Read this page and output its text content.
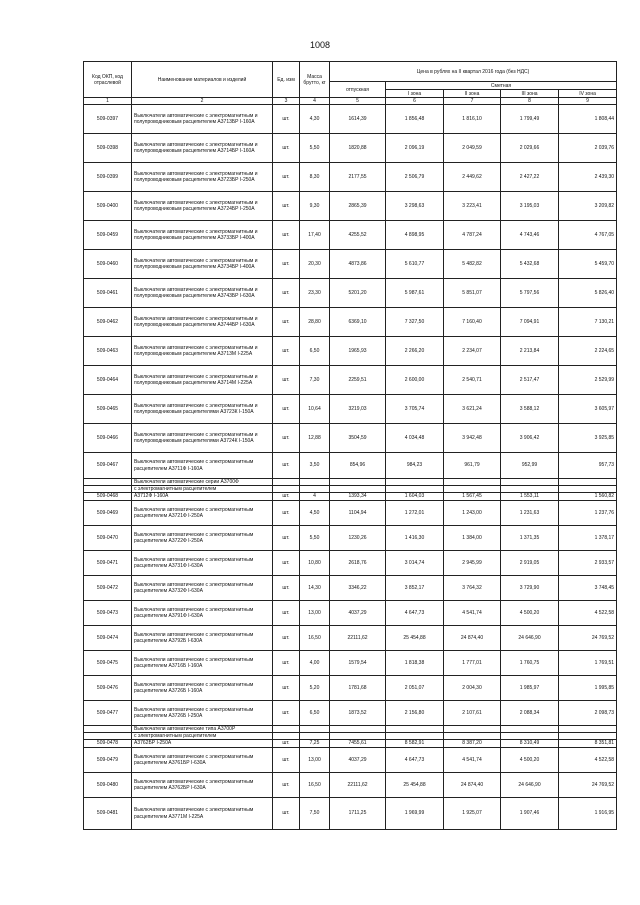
1008
Код ОКП, код отраслевой	Наименование материалов и изделий	Ед. изм	Масса брутто, кг	Цена в рублях на II квартал 2016 года (без НДС)				
				отпускная	Сметная			
					I зона	II зона	III зона	IV зона
1	2	3	4	5	6	7	8	9
509-0397	Выключатели автоматические с электромагнитным и полупроводниковым расцепителем А3713БР I-160А	шт.	4,30	1614,39	1 856,48	1 816,10	1 799,49	1 808,44
509-0398	Выключатели автоматические с электромагнитным и полупроводниковым расцепителем А3714БР I-160А	шт.	5,50	1820,88	2 096,19	2 049,59	2 029,66	2 039,76
509-0399	Выключатели автоматические с электромагнитным и полупроводниковым расцепителем А3723БР I-250А	шт.	8,30	2177,55	2 506,79	2 449,62	2 427,22	2 439,30
509-0400	Выключатели автоматические с электромагнитным и полупроводниковым расцепителем А3724БР I-250А	шт.	9,30	2865,39	3 298,63	3 223,41	3 195,03	3 209,82
509-0459	Выключатели автоматические с электромагнитным и полупроводниковым расцепителем А3733БР I-400А	шт.	17,40	4255,52	4 898,95	4 787,24	4 743,46	4 767,05
509-0460	Выключатели автоматические с электромагнитным и полупроводниковым расцепителем А3734БР I-400А	шт.	20,30	4873,86	5 610,77	5 482,82	5 432,68	5 459,70
509-0461	Выключатели автоматические с электромагнитным и полупроводниковым расцепителем А3743БР I-630А	шт.	23,30	5201,20	5 987,61	5 851,07	5 797,56	5 826,40
509-0462	Выключатели автоматические с электромагнитным и полупроводниковым расцепителем А3744БР I-630А	шт.	28,80	6369,10	7 327,50	7 160,40	7 094,91	7 130,21
509-0463	Выключатели автоматические с электромагнитным и полупроводниковым расцепителем А3713М I-225А	шт.	6,50	1965,93	2 266,20	2 234,07	2 213,84	2 224,65
509-0464	Выключатели автоматические с электромагнитным и полупроводниковым расцепителем А3714М I-225А	шт.	7,30	2259,51	2 600,00	2 540,71	2 517,47	2 529,99
509-0465	Выключатели автоматические с электромагнитным и полупроводниковым расцепителями А3723К I-150А	шт.	10,64	3219,03	3 705,74	3 621,24	3 588,12	3 605,97
509-0466	Выключатели автоматические с электромагнитным и полупроводниковым расцепителями А3724К I-150А	шт.	12,88	3504,59	4 034,48	3 942,48	3 906,42	3 925,85
509-0467	Выключатели автоматические с электромагнитным расцепителем А3711Ф I-160А	шт.	3,50	854,96	984,23	961,79	952,99	957,73
	Выключатели автоматические серии А3700Ф							
	с электромагнитным расцепителем							
509-0468	А3712Ф I-160А	шт.	4	1393,34	1 604,03	1 567,45	1 553,11	1 560,82
509-0469	Выключатели автоматические с электромагнитным расцепителем А3721Ф I-250А	шт.	4,50	1104,94	1 272,01	1 243,00	1 231,63	1 237,76
509-0470	Выключатели автоматические с электромагнитным расцепителем А3722Ф I-250А	шт.	5,50	1230,26	1 416,30	1 384,00	1 371,35	1 378,17
509-0471	Выключатели автоматические с электромагнитным расцепителем А3731Ф I-630А	шт.	10,80	2618,76	3 014,74	2 945,99	2 919,05	2 933,57
509-0472	Выключатели автоматические с электромагнитным расцепителем А3732Ф I-630А	шт.	14,30	3346,22	3 852,17	3 764,32	3 729,90	3 748,45
509-0473	Выключатели автоматические с электромагнитным расцепителем А3791Ф I-630А	шт.	13,00	4037,29	4 647,73	4 541,74	4 500,20	4 522,58
509-0474	Выключатели автоматические с электромагнитным расцепителем А3792Б I-630А	шт.	16,50	22111,62	25 454,88	24 874,40	24 646,90	24 769,52
509-0475	Выключатели автоматические с электромагнитным расцепителем А3716Б I-160А	шт.	4,00	1579,54	1 818,38	1 777,01	1 760,75	1 769,51
509-0476	Выключатели автоматические с электромагнитным расцепителем А3726Б I-160А	шт.	5,20	1781,68	2 051,07	2 004,30	1 985,97	1 995,85
509-0477	Выключатели автоматические с электромагнитным расцепителем А3726Б I-250А	шт.	6,50	1873,52	2 156,80	2 107,61	2 088,34	2 098,73
	Выключатели автоматические типа А3700Р							
	с электромагнитным расцепителем							
509-0478	А3762БР I-250А	шт.	7,25	7455,61	8 582,91	8 387,20	8 310,49	8 351,81
509-0479	Выключатели автоматические с электромагнитным расцепителем А3761БР I-630А	шт.	13,00	4037,29	4 647,73	4 541,74	4 500,20	4 522,58
509-0480	Выключатели автоматические с электромагнитным расцепителем А3762БР I-630А	шт.	16,50	22111,62	25 454,88	24 874,40	24 646,90	24 769,52
509-0481	Выключатели автоматические с электромагнитным расцепителем А3771М I-225А	шт.	7,50	1711,25	1 969,99	1 925,07	1 907,46	1 916,95
